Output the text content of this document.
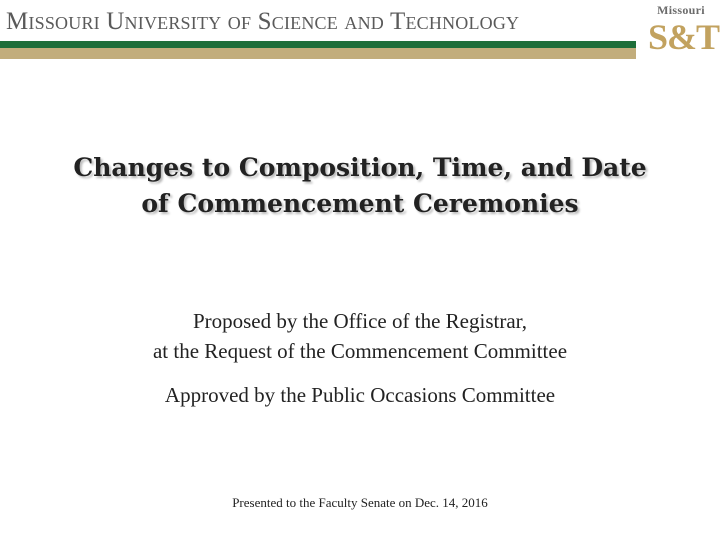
Missouri University of Science and Technology	Missouri
S&T
Changes to Composition, Time, and Date
of Commencement Ceremonies
Proposed by the Office of the Registrar,
at the Request of the Commencement Committee
Approved by the Public Occasions Committee
Presented to the Faculty Senate on Dec. 14, 2016
